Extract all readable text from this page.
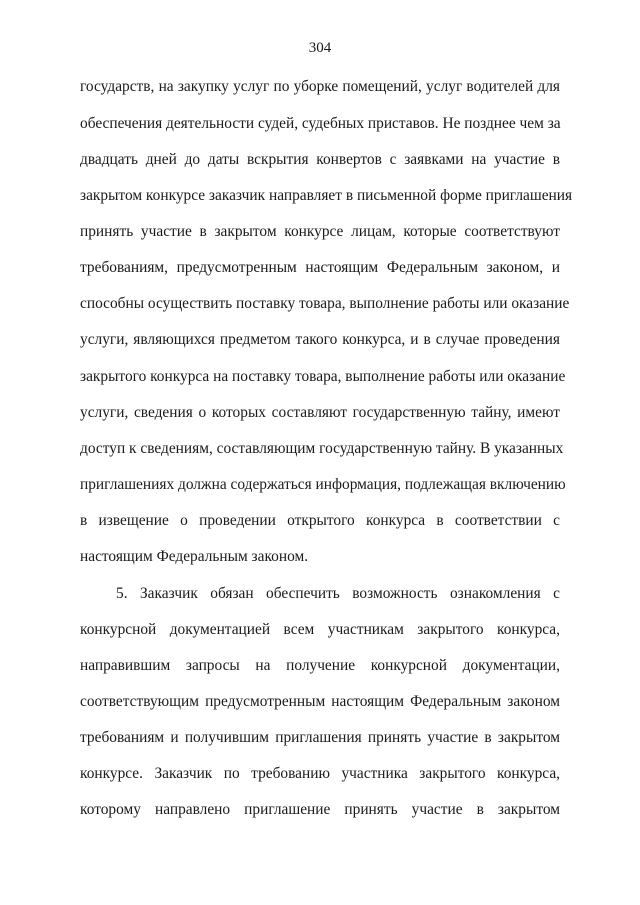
304
государств, на закупку услуг по уборке помещений, услуг водителей для
обеспечения деятельности судей, судебных приставов. Не позднее чем за
двадцать дней до даты вскрытия конвертов с заявками на участие в
закрытом конкурсе заказчик направляет в письменной форме приглашения
принять участие в закрытом конкурсе лицам, которые соответствуют
требованиям, предусмотренным настоящим Федеральным законом, и
способны осуществить поставку товара, выполнение работы или оказание
услуги, являющихся предметом такого конкурса, и в случае проведения
закрытого конкурса на поставку товара, выполнение работы или оказание
услуги, сведения о которых составляют государственную тайну, имеют
доступ к сведениям, составляющим государственную тайну. В указанных
приглашениях должна содержаться информация, подлежащая включению
в извещение о проведении открытого конкурса в соответствии с
настоящим Федеральным законом.
5. Заказчик обязан обеспечить возможность ознакомления с
конкурсной документацией всем участникам закрытого конкурса,
направившим запросы на получение конкурсной документации,
соответствующим предусмотренным настоящим Федеральным законом
требованиям и получившим приглашения принять участие в закрытом
конкурсе. Заказчик по требованию участника закрытого конкурса,
которому направлено приглашение принять участие в закрытом
